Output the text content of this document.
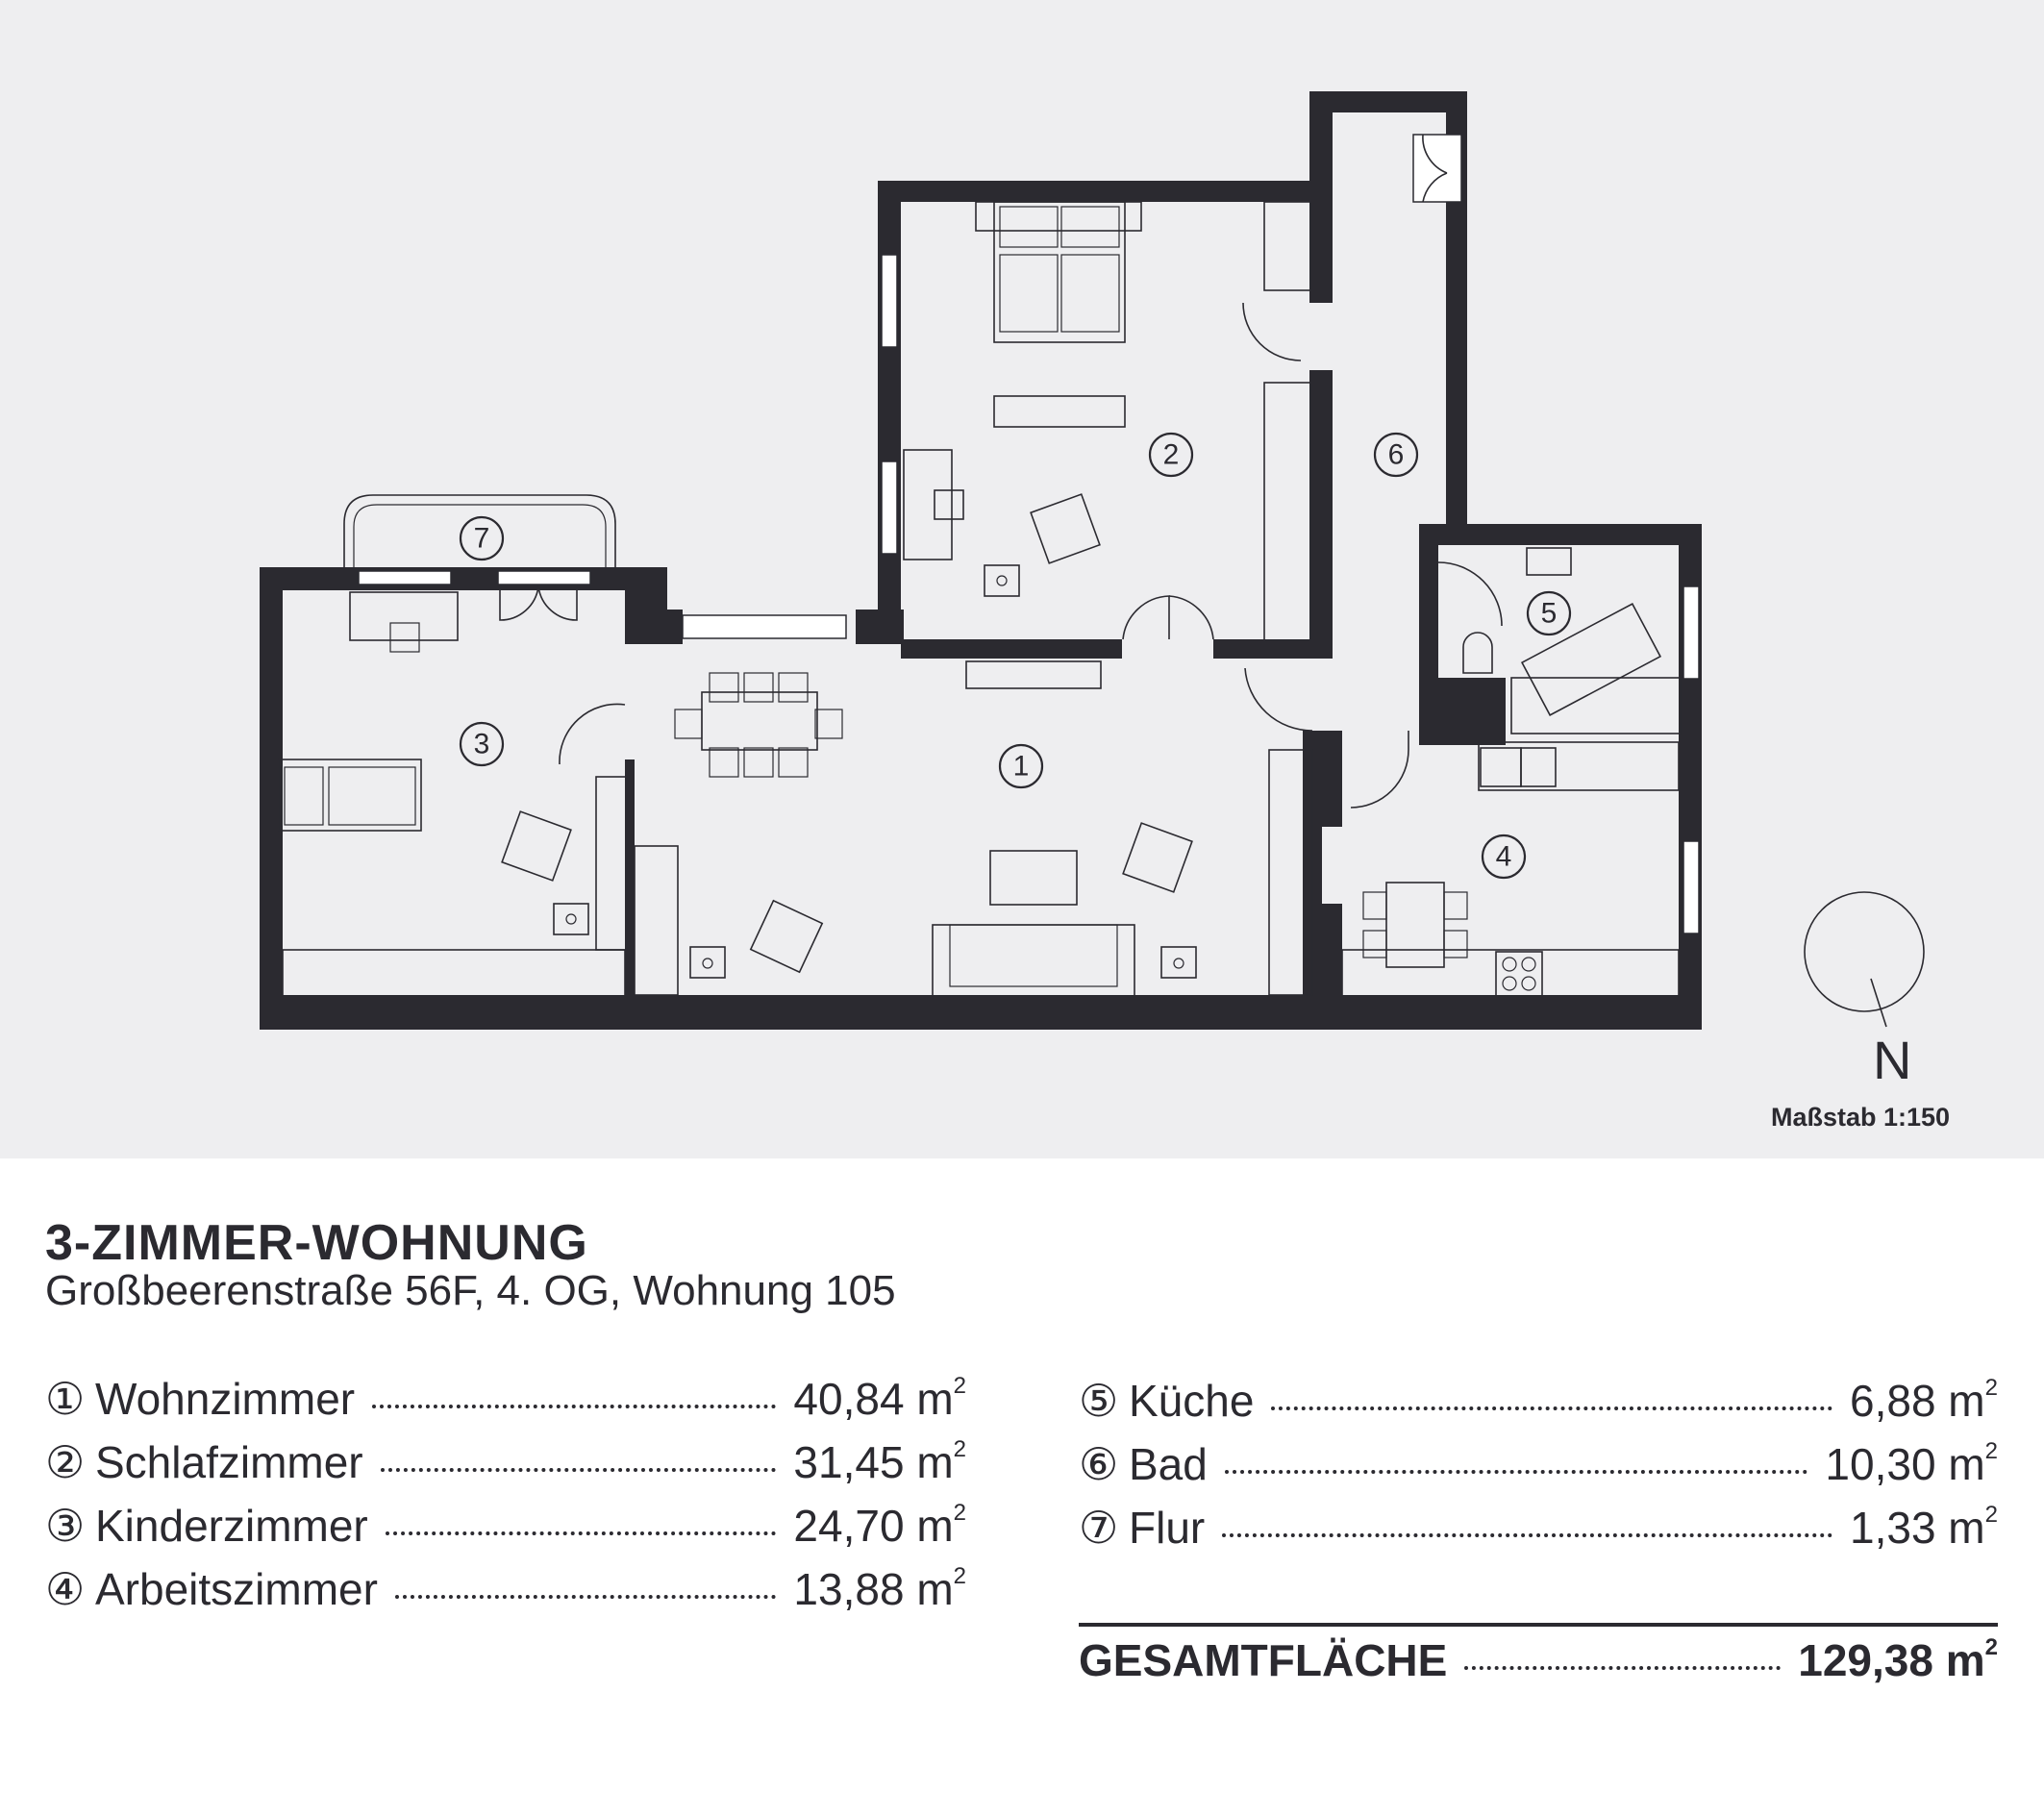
1
2
3
4
5
6
7
N
Maßstab 1:150
3-ZIMMER-WOHNUNG
Großbeerenstraße 56F, 4. OG, Wohnung 105
① Wohnzimmer	40,84 $m^2$
② Schlafzimmer	31,45 $m^2$
③ Kinderzimmer	24,70 $m^2$
④ Arbeitszimmer	13,88 $m^2$
⑤ Küche	6,88 $m^2$
⑥ Bad	10,30 $m^2$
⑦ Flur	1,33 $m^2$
GESAMTFLÄCHE	129,38 $m^2$
